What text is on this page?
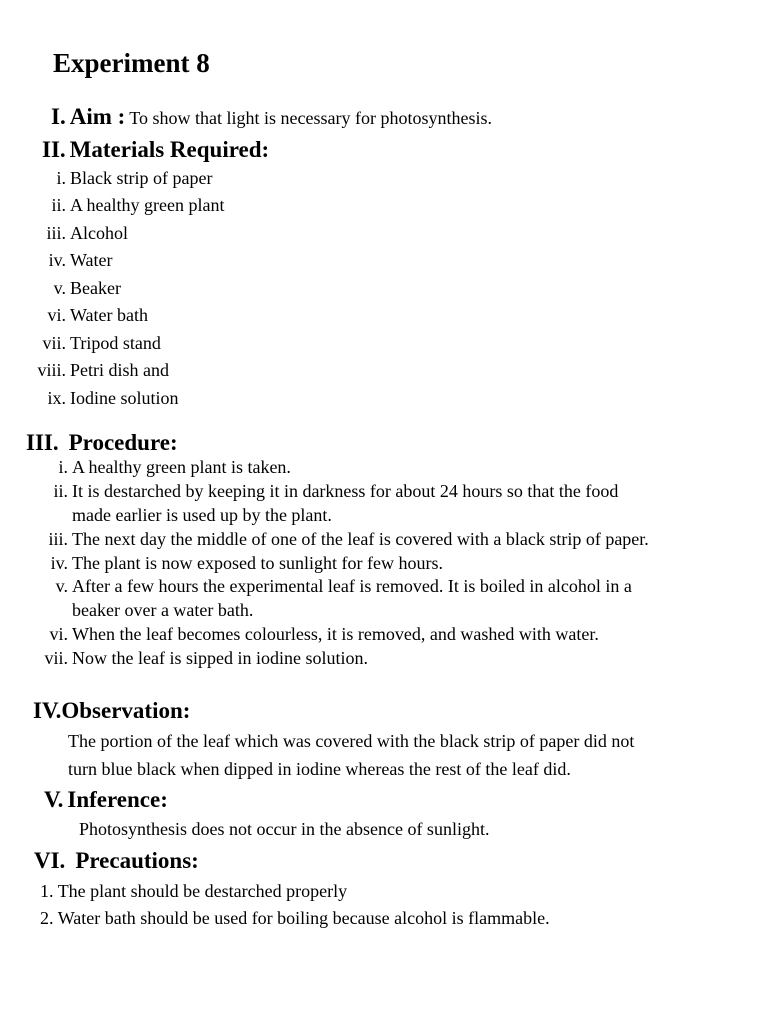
Experiment 8
I. Aim : To show that light is necessary for photosynthesis.
II. Materials Required:
i. Black strip of paper
ii. A healthy green plant
iii. Alcohol
iv. Water
v. Beaker
vi. Water bath
vii. Tripod stand
viii. Petri dish and
ix. Iodine solution
III. Procedure:
i. A healthy green plant is taken.
ii. It is destarched by keeping it in darkness for about 24 hours so that the food
made earlier is used up by the plant.
iii. The next day the middle of one of the leaf is covered with a black strip of paper.
iv. The plant is now exposed to sunlight for few hours.
v. After a few hours the experimental leaf is removed. It is boiled in alcohol in a
beaker over a water bath.
vi. When the leaf becomes colourless, it is removed, and washed with water.
vii. Now the leaf is sipped in iodine solution.
IV.Observation:
The portion of the leaf which was covered with the black strip of paper did not
turn blue black when dipped in iodine whereas the rest of the leaf did.
V. Inference:
Photosynthesis does not occur in the absence of sunlight.
VI. Precautions:
1. The plant should be destarched properly
2. Water bath should be used for boiling because alcohol is flammable.
